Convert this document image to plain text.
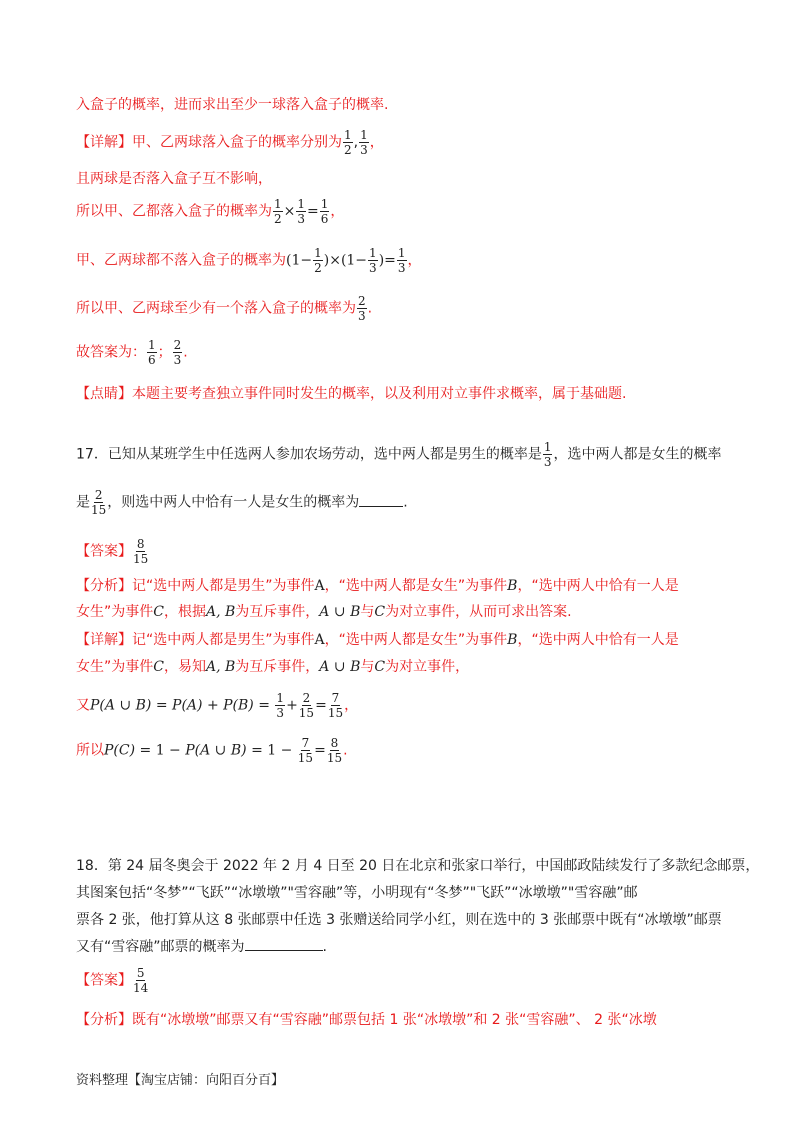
入盒子的概率，进而求出至少一球落入盒子的概率.
【详解】甲、乙两球落入盒子的概率分别为 $\frac{1}{2}$ , $\frac{1}{3}$ ，
且两球是否落入盒子互不影响，
所以甲、乙都落入盒子的概率为 $\frac{1}{2} \times \frac{1}{3} = \frac{1}{6}$ ，
甲、乙两球都不落入盒子的概率为$(1- \frac{1}{2} )\times(1- \frac{1}{3}$ )= $\frac{1}{3}$ ，
所以甲、乙两球至少有一个落入盒子的概率为 $\frac{2}{3}$ .
故答案为： $\frac{1}{6}$ ； $\frac{2}{3}$ .
【点睛】本题主要考查独立事件同时发生的概率，以及利用对立事件求概率，属于基础题.
17．已知从某班学生中任选两人参加农场劳动，选中两人都是男生的概率是 $\frac{1}{3}$ ，选中两人都是女生的概率
是 $\frac{2}{15}$ ，则选中两人中恰有一人是女生的概率为	.
【答案】 $\frac{8}{15}$
【分析】记“选中两人都是男生”为事件A，“选中两人都是女生”为事件B，“选中两人中恰有一人是
女生”为事件C，根据A, B为互斥事件，A ∪ B与C为对立事件，从而可求出答案.
【详解】记“选中两人都是男生”为事件A，“选中两人都是女生”为事件B，“选中两人中恰有一人是
女生”为事件C，易知A, B为互斥事件，A ∪ B与C为对立事件，
又P(A ∪ $B) = P(A) + P(B) = \frac{1}{3} + \frac{2}{15} = \frac{7}{15}$ ，
所以P(C) = 1 − P(A ∪ $B) = 1 - \frac{7}{15} = \frac{8}{15}$ .
18．第 24 届冬奥会于 2022 年 2 月 4 日至 20 日在北京和张家口举行，中国邮政陆续发行了多款纪念邮票，
其图案包括“冬梦”“飞跃”“冰墩墩”"雪容融”等，小明现有“冬梦”"飞跃”“冰墩墩”"雪容融”邮
票各 2 张，他打算从这 8 张邮票中任选 3 张赠送给同学小红，则在选中的 3 张邮票中既有“冰墩墩”邮票
又有“雪容融”邮票的概率为	.
【答案】 $\frac{5}{14}$
【分析】既有“冰墩墩”邮票又有“雪容融”邮票包括 1 张“冰墩墩”和 2 张“雪容融”、 2 张“冰墩
资料整理【淘宝店铺：向阳百分百】
